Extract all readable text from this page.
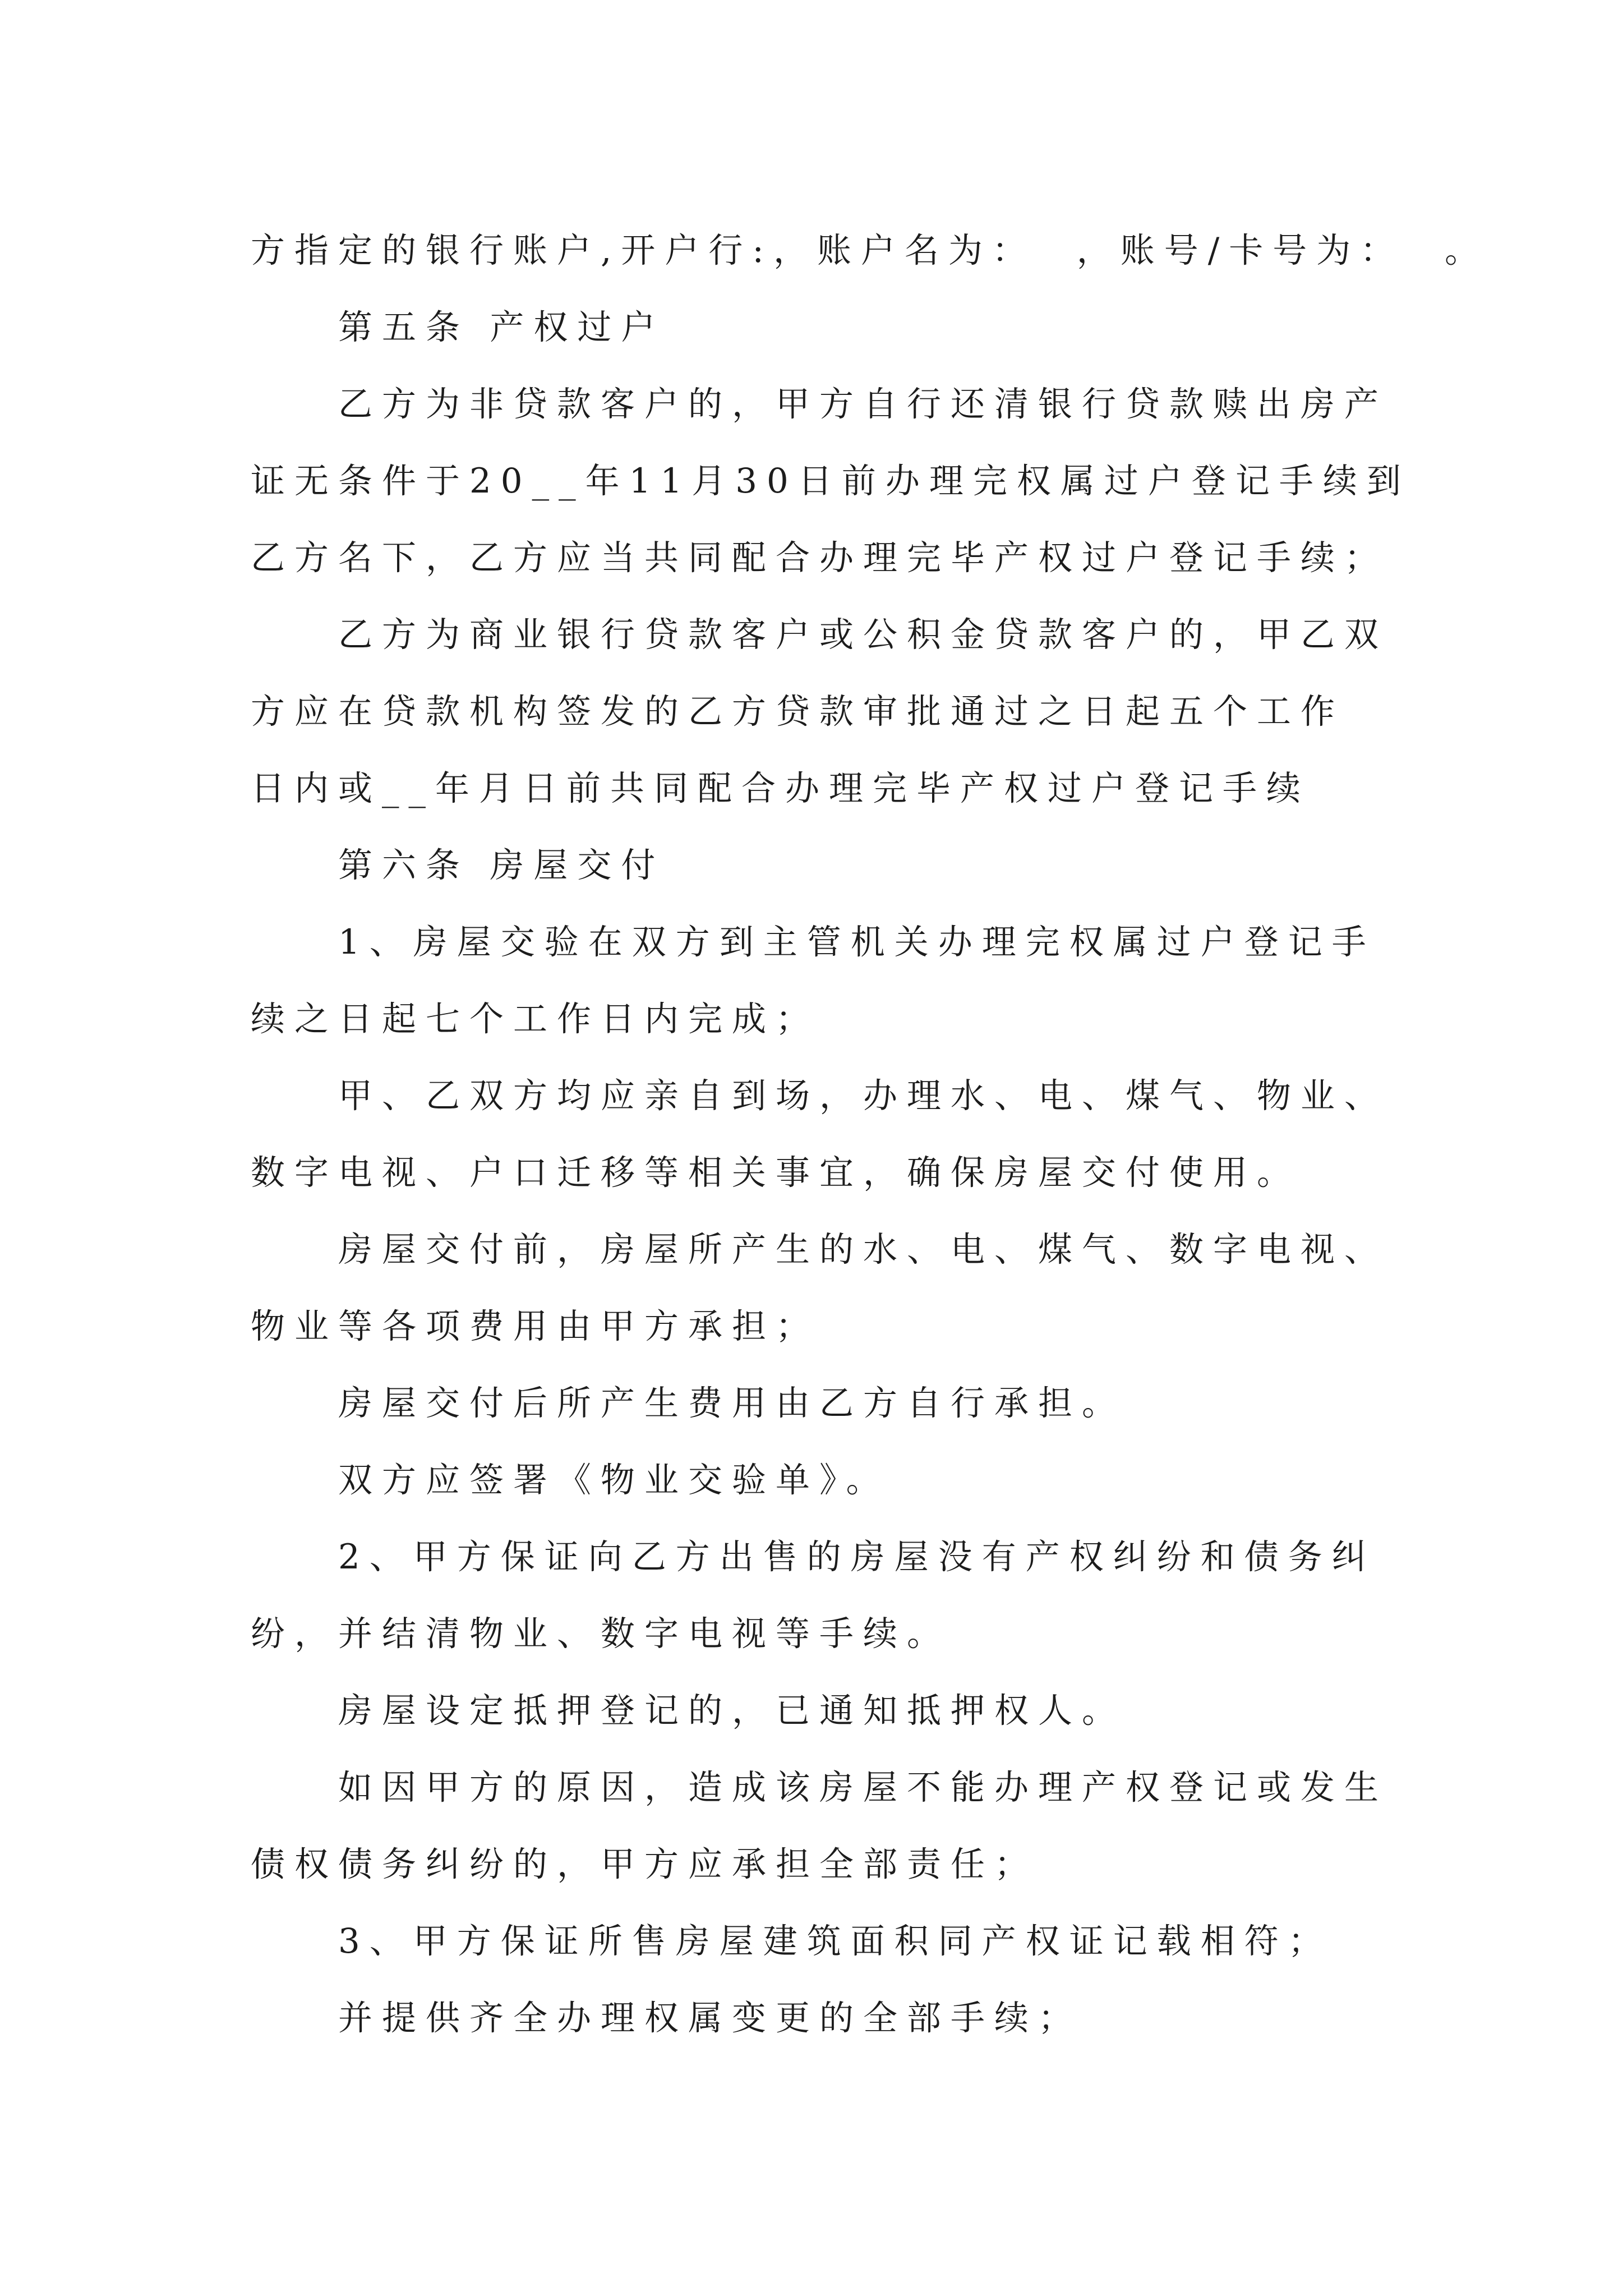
方指定的银行账户,开户行:，账户名为：  ，账号/卡号为：  。
第五条 产权过户
乙方为非贷款客户的，甲方自行还清银行贷款赎出房产
证无条件于20__年11月30日前办理完权属过户登记手续到
乙方名下，乙方应当共同配合办理完毕产权过户登记手续；
乙方为商业银行贷款客户或公积金贷款客户的，甲乙双
方应在贷款机构签发的乙方贷款审批通过之日起五个工作
日内或__年月日前共同配合办理完毕产权过户登记手续
第六条 房屋交付
1、房屋交验在双方到主管机关办理完权属过户登记手
续之日起七个工作日内完成；
甲、乙双方均应亲自到场，办理水、电、煤气、物业、
数字电视、户口迁移等相关事宜，确保房屋交付使用。
房屋交付前，房屋所产生的水、电、煤气、数字电视、
物业等各项费用由甲方承担；
房屋交付后所产生费用由乙方自行承担。
双方应签署《物业交验单》。
2、甲方保证向乙方出售的房屋没有产权纠纷和债务纠
纷，并结清物业、数字电视等手续。
房屋设定抵押登记的，已通知抵押权人。
如因甲方的原因，造成该房屋不能办理产权登记或发生
债权债务纠纷的，甲方应承担全部责任；
3、甲方保证所售房屋建筑面积同产权证记载相符；
并提供齐全办理权属变更的全部手续；
